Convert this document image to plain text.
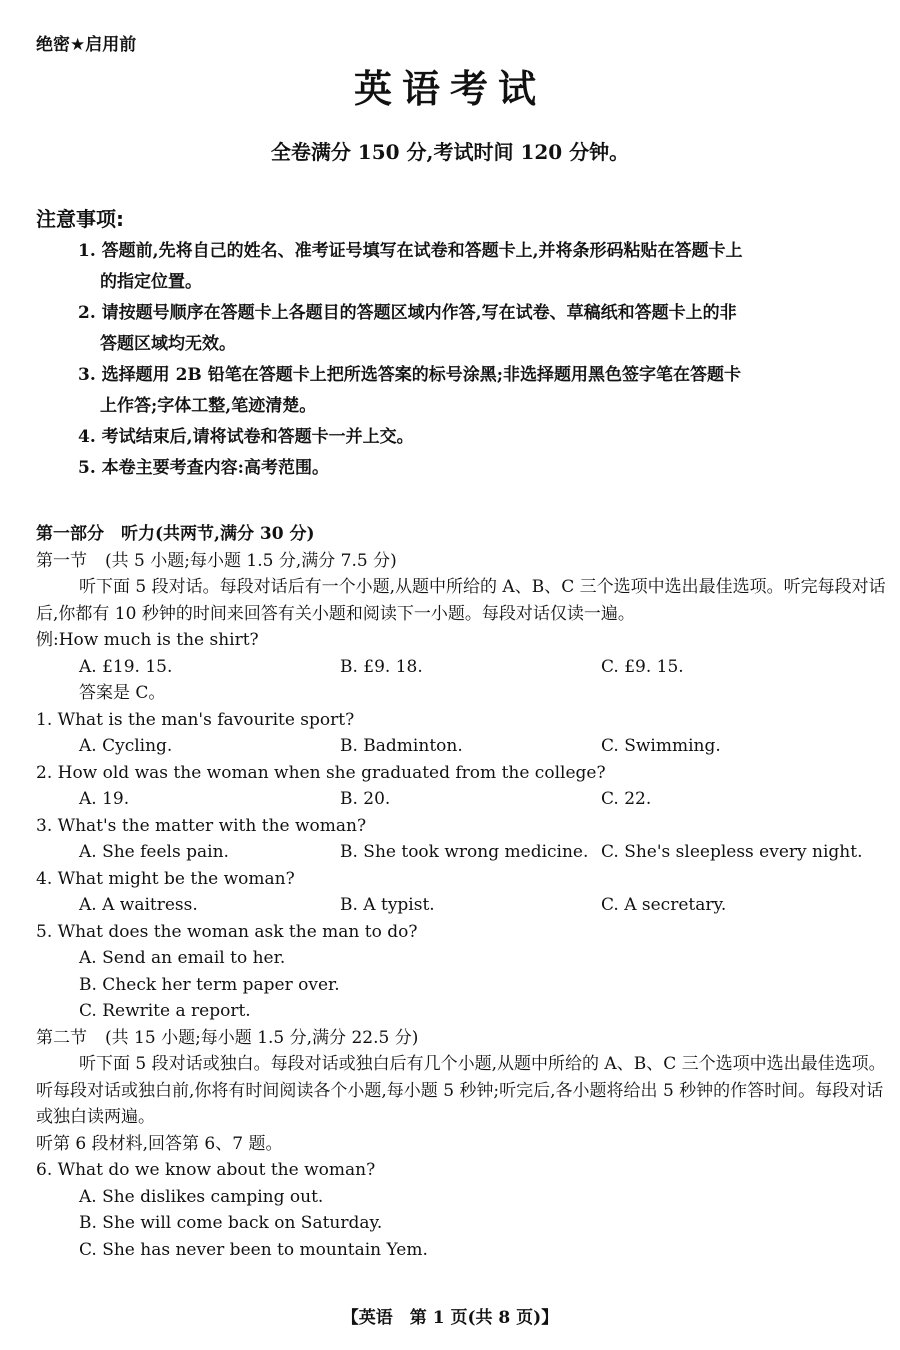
绝密★启用前
英语考试
全卷满分 150 分,考试时间 120 分钟。
注意事项:
1. 答题前,先将自己的姓名、准考证号填写在试卷和答题卡上,并将条形码粘贴在答题卡上
的指定位置。
2. 请按题号顺序在答题卡上各题目的答题区域内作答,写在试卷、草稿纸和答题卡上的非
答题区域均无效。
3. 选择题用 2B 铅笔在答题卡上把所选答案的标号涂黑;非选择题用黑色签字笔在答题卡
上作答;字体工整,笔迹清楚。
4. 考试结束后,请将试卷和答题卡一并上交。
5. 本卷主要考查内容:高考范围。
第一部分　听力(共两节,满分 30 分)
第一节 (共 5 小题;每小题 1.5 分,满分 7.5 分)
听下面 5 段对话。每段对话后有一个小题,从题中所给的 A、B、C 三个选项中选出最佳选项。听完每段对话后,你都有 10 秒钟的时间来回答有关小题和阅读下一小题。每段对话仅读一遍。
例:How much is the shirt?
A. £19. 15.	B. £9. 18.	C. £9. 15.
答案是 C。
1. What is the man's favourite sport?
A. Cycling.	B. Badminton.	C. Swimming.
2. How old was the woman when she graduated from the college?
A. 19.	B. 20.	C. 22.
3. What's the matter with the woman?
A. She feels pain.	B. She took wrong medicine. C. She's sleepless every night.
4. What might be the woman?
A. A waitress.	B. A typist.	C. A secretary.
5. What does the woman ask the man to do?
A. Send an email to her.
B. Check her term paper over.
C. Rewrite a report.
第二节 (共 15 小题;每小题 1.5 分,满分 22.5 分)
听下面 5 段对话或独白。每段对话或独白后有几个小题,从题中所给的 A、B、C 三个选项中选出最佳选项。听每段对话或独白前,你将有时间阅读各个小题,每小题 5 秒钟;听完后,各小题将给出 5 秒钟的作答时间。每段对话或独白读两遍。
听第 6 段材料,回答第 6、7 题。
6. What do we know about the woman?
A. She dislikes camping out.
B. She will come back on Saturday.
C. She has never been to mountain Yem.
【英语　第 1 页(共 8 页)】
